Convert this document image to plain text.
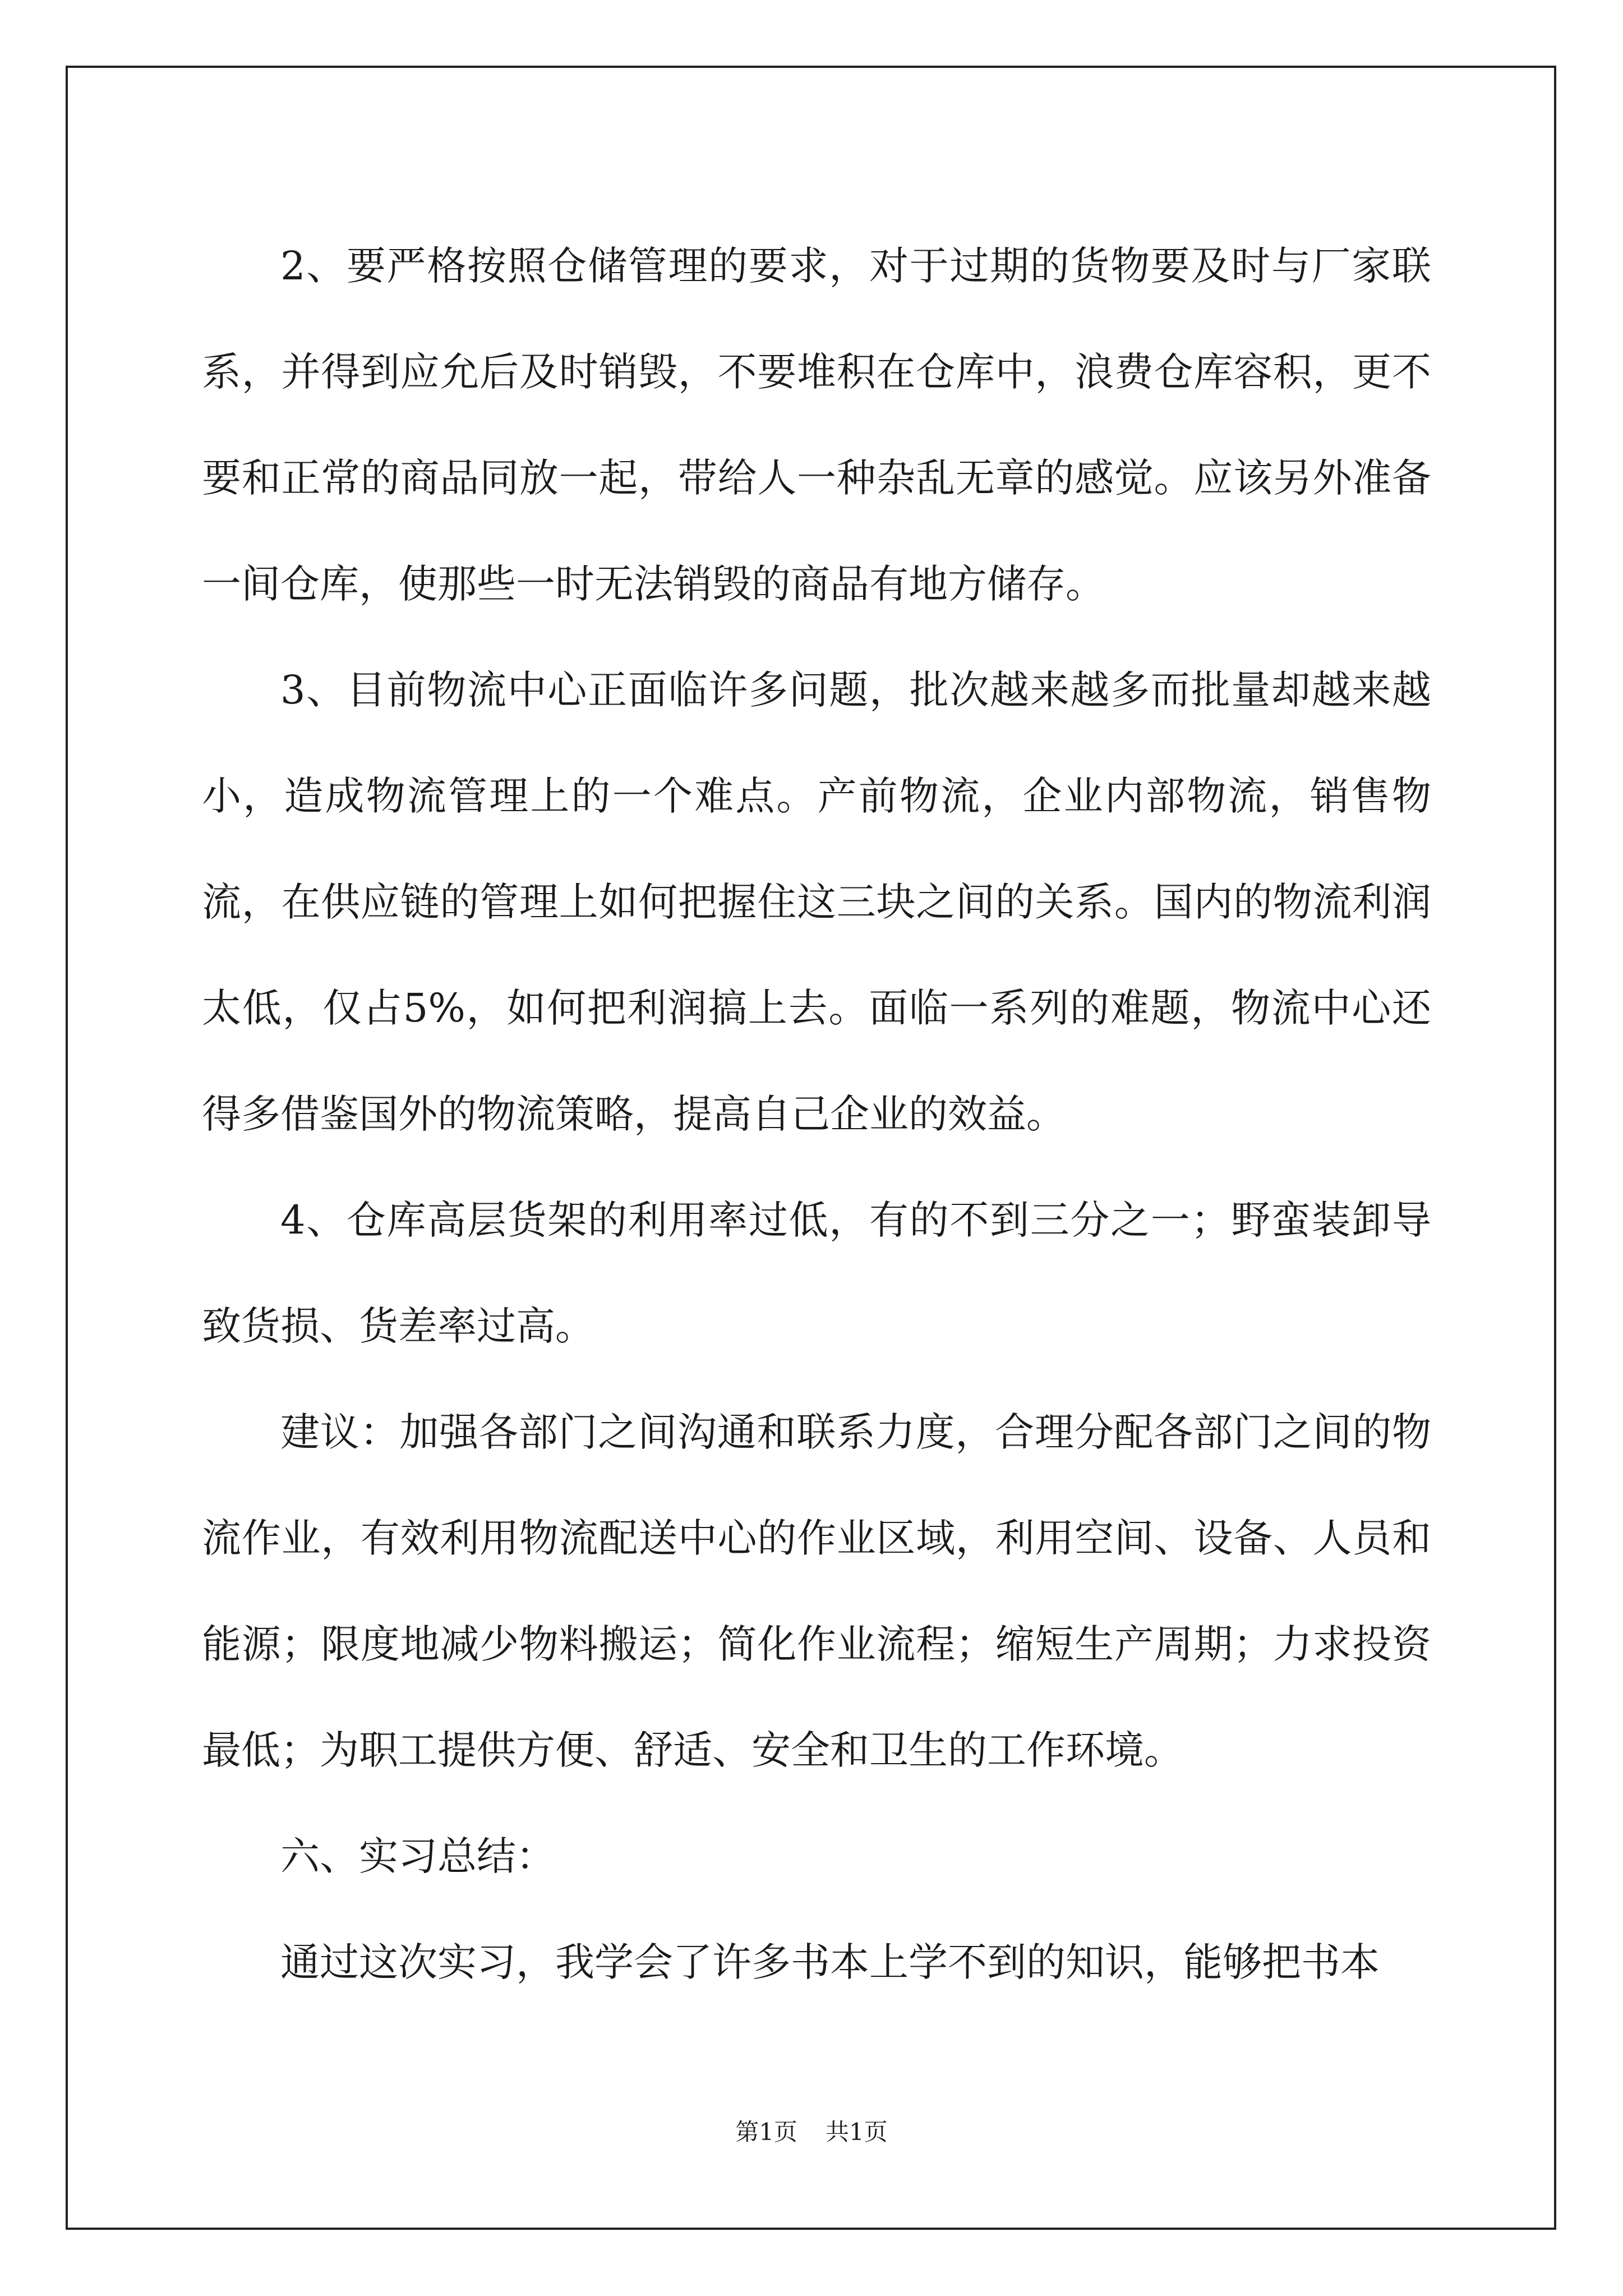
2、要严格按照仓储管理的要求，对于过期的货物要及时与厂家联系，并得到应允后及时销毁，不要堆积在仓库中，浪费仓库容积，更不要和正常的商品同放一起，带给人一种杂乱无章的感觉。应该另外准备一间仓库，使那些一时无法销毁的商品有地方储存。

3、目前物流中心正面临许多问题，批次越来越多而批量却越来越小，造成物流管理上的一个难点。产前物流，企业内部物流，销售物流，在供应链的管理上如何把握住这三块之间的关系。国内的物流利润太低，仅占5%，如何把利润搞上去。面临一系列的难题，物流中心还得多借鉴国外的物流策略，提高自己企业的效益。

4、仓库高层货架的利用率过低，有的不到三分之一；野蛮装卸导致货损、货差率过高。

建议：加强各部门之间沟通和联系力度，合理分配各部门之间的物流作业，有效利用物流配送中心的作业区域，利用空间、设备、人员和能源；限度地减少物料搬运；简化作业流程；缩短生产周期；力求投资最低；为职工提供方便、舒适、安全和卫生的工作环境。

六、实习总结：

通过这次实习，我学会了许多书本上学不到的知识，能够把书本

第1页 共1页
